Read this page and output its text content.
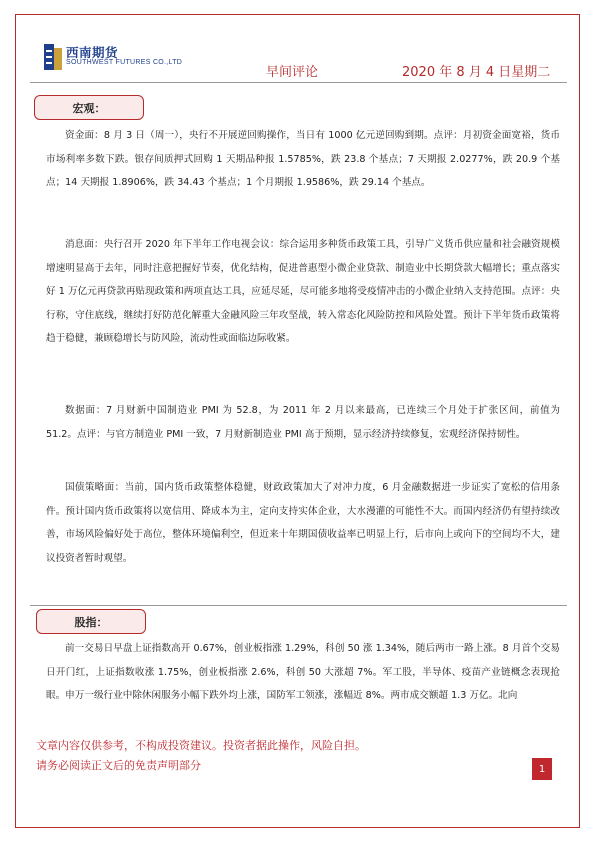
西南期货
SOUTHWEST FUTURES CO.,LTD
早间评论	2020 年 8 月 4 日星期二
宏观：

资金面：8 月 3 日（周一），央行不开展逆回购操作，当日有 1000 亿元逆回购到期。点评：月初资金面宽裕，货币市场利率多数下跌。银存间质押式回购 1 天期品种报 1.5785%，跌 23.8 个基点；7 天期报 2.0277%，跌 20.9 个基点；14 天期报 1.8906%，跌 34.43 个基点；1 个月期报 1.9586%，跌 29.14 个基点。

消息面：央行召开 2020 年下半年工作电视会议：综合运用多种货币政策工具，引导广义货币供应量和社会融资规模增速明显高于去年，同时注意把握好节奏，优化结构，促进普惠型小微企业贷款、制造业中长期贷款大幅增长；重点落实好 1 万亿元再贷款再贴现政策和两项直达工具，应延尽延，尽可能多地将受疫情冲击的小微企业纳入支持范围。点评：央行称，守住底线，继续打好防范化解重大金融风险三年攻坚战，转入常态化风险防控和风险处置。预计下半年货币政策将趋于稳健，兼顾稳增长与防风险，流动性或面临边际收紧。

数据面：7 月财新中国制造业 PMI 为 52.8，为 2011 年 2 月以来最高，已连续三个月处于扩张区间，前值为 51.2。点评：与官方制造业 PMI 一致，7 月财新制造业 PMI 高于预期，显示经济持续修复，宏观经济保持韧性。

国债策略面：当前，国内货币政策整体稳健，财政政策加大了对冲力度，6 月金融数据进一步证实了宽松的信用条件。预计国内货币政策将以宽信用、降成本为主，定向支持实体企业，大水漫灌的可能性不大。而国内经济仍有望持续改善，市场风险偏好处于高位，整体环境偏利空，但近来十年期国债收益率已明显上行，后市向上或向下的空间均不大，建议投资者暂时观望。

股指：

前一交易日早盘上证指数高开 0.67%，创业板指涨 1.29%，科创 50 涨 1.34%，随后两市一路上涨。8 月首个交易日开门红，上证指数收涨 1.75%，创业板指涨 2.6%，科创 50 大涨超 7%。军工股，半导体、疫苗产业链概念表现抢眼。申万一级行业中除休闲服务小幅下跌外均上涨，国防军工领涨，涨幅近 8%。两市成交额超 1.3 万亿。北向

文章内容仅供参考，不构成投资建议。投资者据此操作，风险自担。
请务必阅读正文后的免责声明部分	1
